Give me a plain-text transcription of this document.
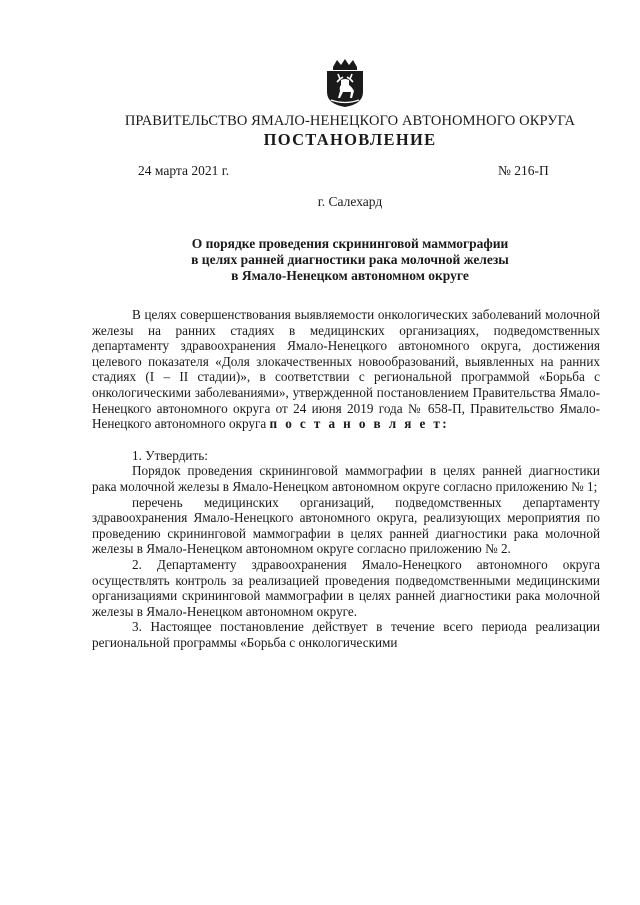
ПРАВИТЕЛЬСТВО ЯМАЛО-НЕНЕЦКОГО АВТОНОМНОГО ОКРУГА
ПОСТАНОВЛЕНИЕ
24 марта 2021 г.	№ 216-П
г. Салехард
О порядке проведения скрининговой маммографии
в целях ранней диагностики рака молочной железы
в Ямало-Ненецком автономном округе

В целях совершенствования выявляемости онкологических заболеваний молочной железы на ранних стадиях в медицинских организациях, подведомственных департаменту здравоохранения Ямало-Ненецкого автономного округа, достижения целевого показателя «Доля злокачественных новообразований, выявленных на ранних стадиях (I – II стадии)», в соответствии с региональной программой «Борьба с онкологическими заболеваниями», утвержденной постановлением Правительства Ямало-Ненецкого автономного округа от 24 июня 2019 года № 658-П, Правительство Ямало-Ненецкого автономного округа п о с т а н о в л я е т:

1. Утвердить:

Порядок проведения скрининговой маммографии в целях ранней диагностики рака молочной железы в Ямало-Ненецком автономном округе согласно приложению № 1;

перечень медицинских организаций, подведомственных департаменту здравоохранения Ямало-Ненецкого автономного округа, реализующих мероприятия по проведению скрининговой маммографии в целях ранней диагностики рака молочной железы в Ямало-Ненецком автономном округе согласно приложению № 2.

2. Департаменту здравоохранения Ямало-Ненецкого автономного округа осуществлять контроль за реализацией проведения подведомственными медицинскими организациями скрининговой маммографии в целях ранней диагностики рака молочной железы в Ямало-Ненецком автономном округе.

3. Настоящее постановление действует в течение всего периода реализации региональной программы «Борьба с онкологическими
